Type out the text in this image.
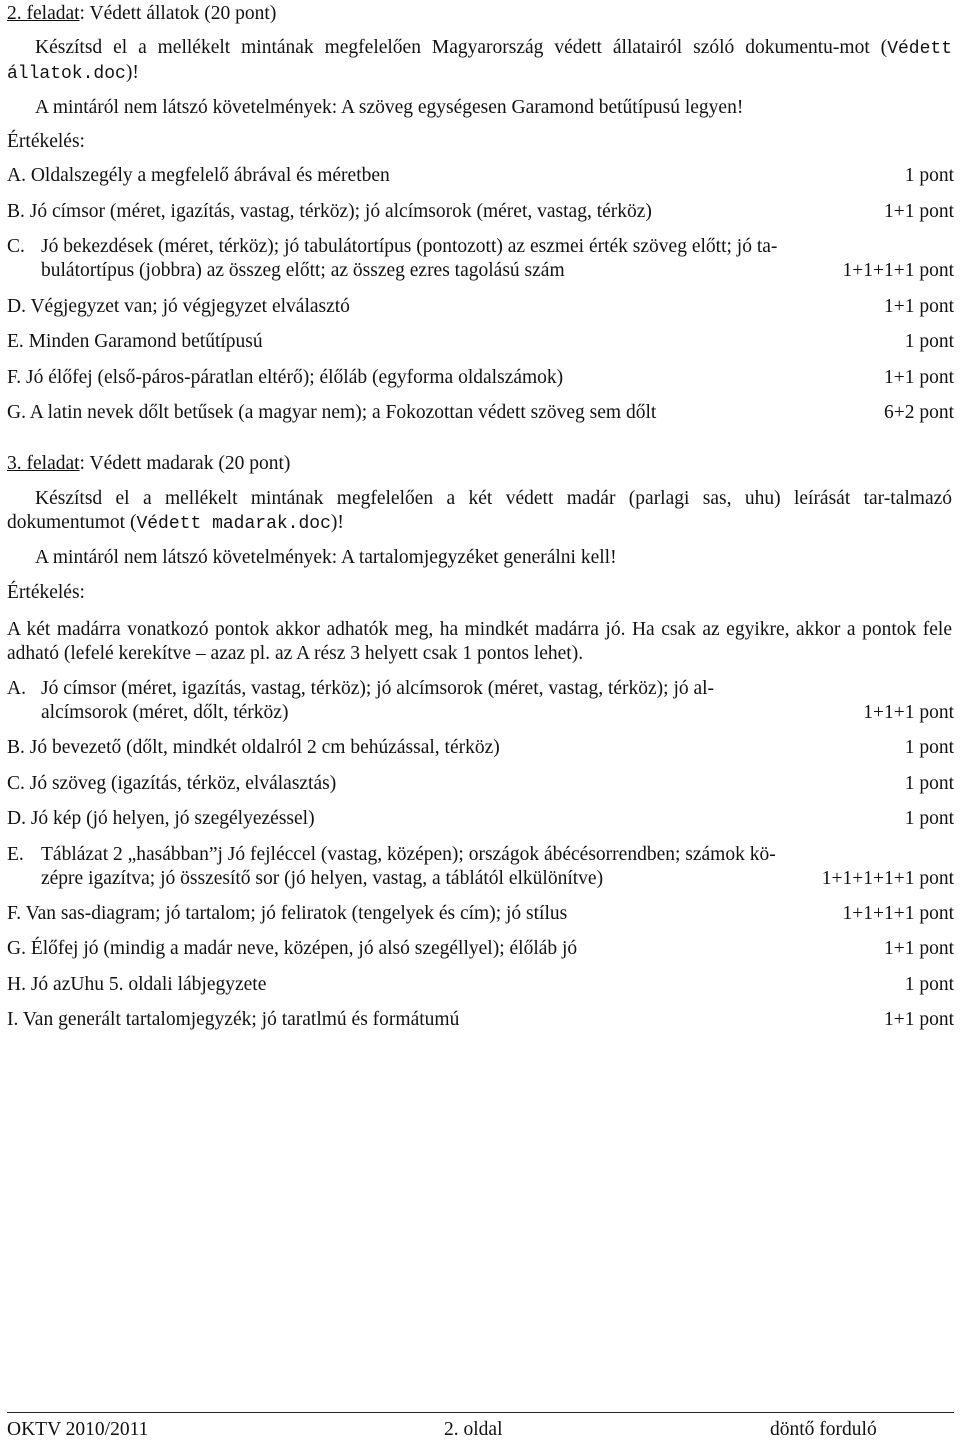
2. feladat: Védett állatok (20 pont)
Készítsd el a mellékelt mintának megfelelően Magyarország védett állatairól szóló dokumentu-mot (Védett állatok.doc)!
A mintáról nem látszó követelmények: A szöveg egységesen Garamond betűtípusú legyen!
Értékelés:
A. Oldalszegély a megfelelő ábrával és méretben	1 pont
B. Jó címsor (méret, igazítás, vastag, térköz); jó alcímsorok (méret, vastag, térköz)	1+1 pont
C. Jó bekezdések (méret, térköz); jó tabulátortípus (pontozott) az eszmei érték szöveg előtt; jó ta-
bulátortípus (jobbra) az összeg előtt; az összeg ezres tagolású szám	1+1+1+1 pont
D. Végjegyzet van; jó végjegyzet elválasztó	1+1 pont
E. Minden Garamond betűtípusú	1 pont
F. Jó élőfej (első-páros-páratlan eltérő); élőláb (egyforma oldalszámok)	1+1 pont
G. A latin nevek dőlt betűsek (a magyar nem); a Fokozottan védett szöveg sem dőlt	6+2 pont
3. feladat: Védett madarak (20 pont)
Készítsd el a mellékelt mintának megfelelően a két védett madár (parlagi sas, uhu) leírását tar-talmazó dokumentumot (Védett madarak.doc)!
A mintáról nem látszó követelmények: A tartalomjegyzéket generálni kell!
Értékelés:
A két madárra vonatkozó pontok akkor adhatók meg, ha mindkét madárra jó. Ha csak az egyikre, akkor a pontok fele adható (lefelé kerekítve – azaz pl. az A rész 3 helyett csak 1 pontos lehet).
A. Jó címsor (méret, igazítás, vastag, térköz); jó alcímsorok (méret, vastag, térköz); jó al-
alcímsorok (méret, dőlt, térköz)	1+1+1 pont
B. Jó bevezető (dőlt, mindkét oldalról 2 cm behúzással, térköz)	1 pont
C. Jó szöveg (igazítás, térköz, elválasztás)	1 pont
D. Jó kép (jó helyen, jó szegélyezéssel)	1 pont
E. Táblázat 2 „hasábban”j Jó fejléccel (vastag, középen); országok ábécésorrendben; számok kö-
zépre igazítva; jó összesítő sor (jó helyen, vastag, a táblától elkülönítve)	1+1+1+1+1 pont
F. Van sas-diagram; jó tartalom; jó feliratok (tengelyek és cím); jó stílus	1+1+1+1 pont
G. Élőfej jó (mindig a madár neve, középen, jó alsó szegéllyel); élőláb jó	1+1 pont
H. Jó azUhu 5. oldali lábjegyzete	1 pont
I. Van generált tartalomjegyzék; jó taratlmú és formátumú	1+1 pont
OKTV 2010/2011	2. oldal	döntő forduló
